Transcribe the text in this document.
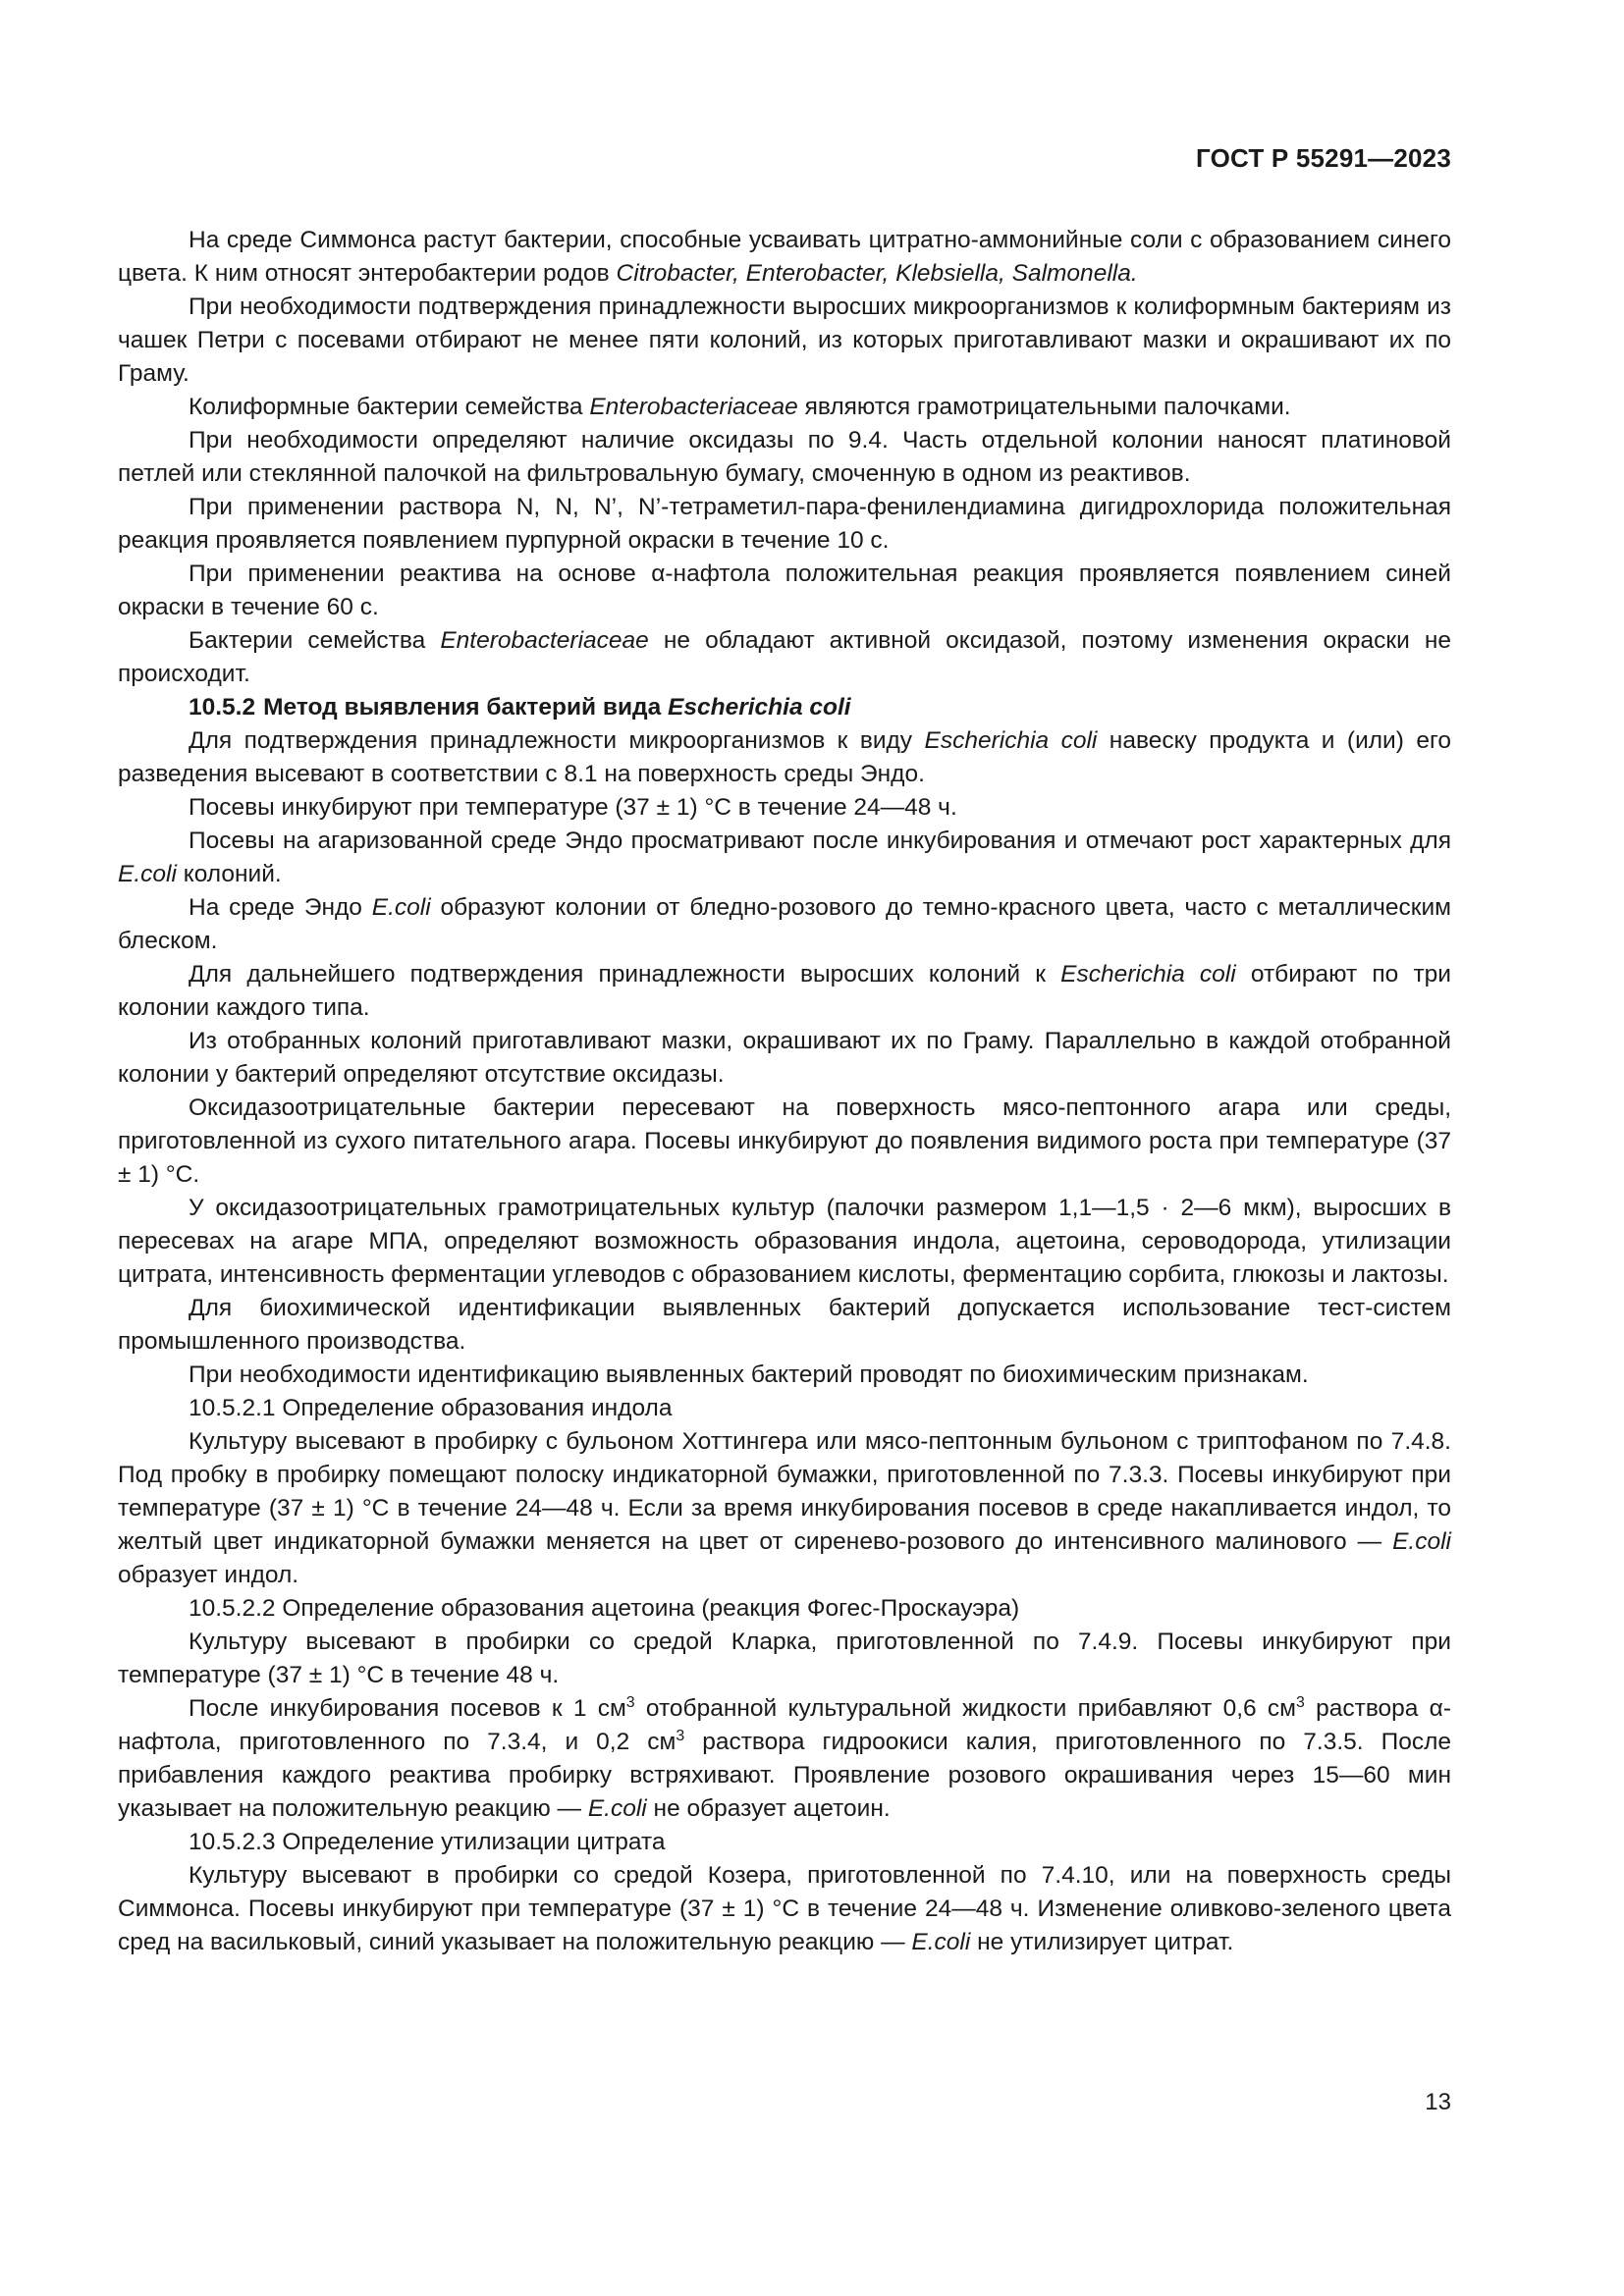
ГОСТ Р 55291—2023

На среде Симмонса растут бактерии, способные усваивать цитратно-аммонийные соли с образованием синего цвета. К ним относят энтеробактерии родов Citrobacter, Enterobacter, Klebsiella, Salmonella.

При необходимости подтверждения принадлежности выросших микроорганизмов к колиформным бактериям из чашек Петри с посевами отбирают не менее пяти колоний, из которых приготавливают мазки и окрашивают их по Граму.

Колиформные бактерии семейства Enterobacteriaceae являются грамотрицательными палочками.

При необходимости определяют наличие оксидазы по 9.4. Часть отдельной колонии наносят платиновой петлей или стеклянной палочкой на фильтровальную бумагу, смоченную в одном из реактивов.

При применении раствора N, N, N’, N’-тетраметил-пара-фенилендиамина дигидрохлорида положительная реакция проявляется появлением пурпурной окраски в течение 10 с.

При применении реактива на основе α-нафтола положительная реакция проявляется появлением синей окраски в течение 60 с.

Бактерии семейства Enterobacteriaceae не обладают активной оксидазой, поэтому изменения окраски не происходит.

10.5.2 Метод выявления бактерий вида Escherichia coli

Для подтверждения принадлежности микроорганизмов к виду Escherichia coli навеску продукта и (или) его разведения высевают в соответствии с 8.1 на поверхность среды Эндо.

Посевы инкубируют при температуре (37 ± 1) °C в течение 24—48 ч.

Посевы на агаризованной среде Эндо просматривают после инкубирования и отмечают рост характерных для E.coli колоний.

На среде Эндо E.coli образуют колонии от бледно-розового до темно-красного цвета, часто с металлическим блеском.

Для дальнейшего подтверждения принадлежности выросших колоний к Escherichia coli отбирают по три колонии каждого типа.

Из отобранных колоний приготавливают мазки, окрашивают их по Граму. Параллельно в каждой отобранной колонии у бактерий определяют отсутствие оксидазы.

Оксидазоотрицательные бактерии пересевают на поверхность мясо-пептонного агара или среды, приготовленной из сухого питательного агара. Посевы инкубируют до появления видимого роста при температуре (37 ± 1) °C.

У оксидазоотрицательных грамотрицательных культур (палочки размером 1,1—1,5 · 2—6 мкм), выросших в пересевах на агаре МПА, определяют возможность образования индола, ацетоина, сероводорода, утилизации цитрата, интенсивность ферментации углеводов с образованием кислоты, ферментацию сорбита, глюкозы и лактозы.

Для биохимической идентификации выявленных бактерий допускается использование тест-систем промышленного производства.

При необходимости идентификацию выявленных бактерий проводят по биохимическим признакам.

10.5.2.1 Определение образования индола

Культуру высевают в пробирку с бульоном Хоттингера или мясо-пептонным бульоном с триптофаном по 7.4.8. Под пробку в пробирку помещают полоску индикаторной бумажки, приготовленной по 7.3.3. Посевы инкубируют при температуре (37 ± 1) °C в течение 24—48 ч. Если за время инкубирования посевов в среде накапливается индол, то желтый цвет индикаторной бумажки меняется на цвет от сиренево-розового до интенсивного малинового — E.coli образует индол.

10.5.2.2 Определение образования ацетоина (реакция Фогес-Проскауэра)

Культуру высевают в пробирки со средой Кларка, приготовленной по 7.4.9. Посевы инкубируют при температуре (37 ± 1) °C в течение 48 ч.

После инкубирования посевов к 1 $см^3$ отобранной культуральной жидкости прибавляют 0,6 $см^3$ раствора α-нафтола, приготовленного по 7.3.4, и 0,2 $см^3$ раствора гидроокиси калия, приготовленного по 7.3.5. После прибавления каждого реактива пробирку встряхивают. Проявление розового окрашивания через 15—60 мин указывает на положительную реакцию — E.coli не образует ацетоин.

10.5.2.3 Определение утилизации цитрата

Культуру высевают в пробирки со средой Козера, приготовленной по 7.4.10, или на поверхность среды Симмонса. Посевы инкубируют при температуре (37 ± 1) °C в течение 24—48 ч. Изменение оливково-зеленого цвета сред на васильковый, синий указывает на положительную реакцию — E.coli не утилизирует цитрат.

13
